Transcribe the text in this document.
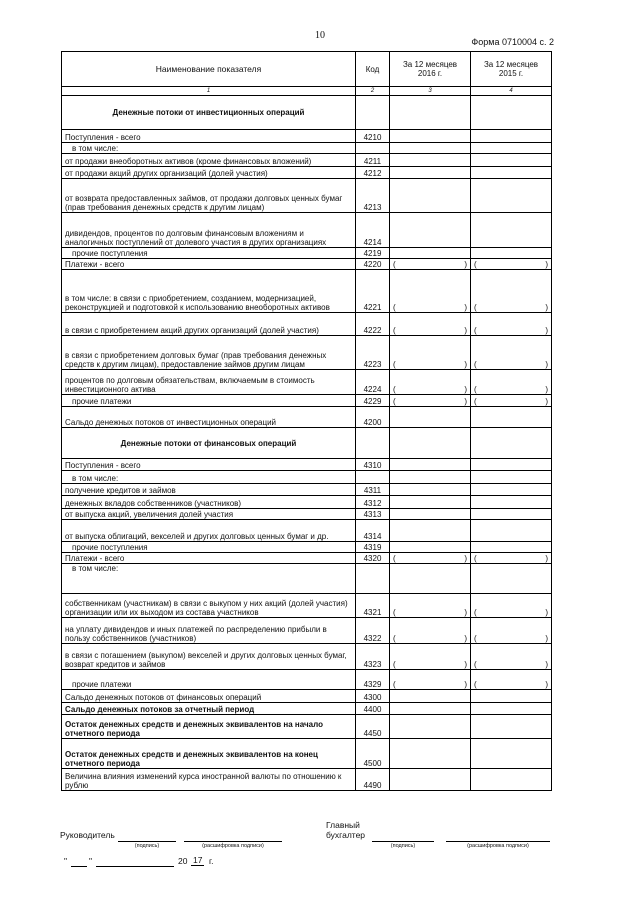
10
Форма 0710004 с. 2
Наименование показателя	Код	За 12 месяцев 2016 г.	За 12 месяцев 2015 г.
1	2	3	4
Денежные потоки от инвестиционных операций			
Поступления - всего	4210		
в том числе:			
от продажи внеоборотных активов (кроме финансовых вложений)	4211		
от продажи акций других организаций (долей участия)	4212		
от возврата предоставленных займов, от продажи долговых ценных бумаг (прав требования денежных средств к другим лицам)	4213		
дивидендов, процентов по долговым финансовым вложениям и аналогичных поступлений от долевого участия в других организациях	4214		
прочие поступления	4219		
Платежи - всего	4220	( )	( )

в том числе: в связи с приобретением, созданием, модернизацией, реконструкцией и подготовкой к использованию внеоборотных активов	4221	( )	( )

в связи с приобретением акций других организаций (долей участия)	4222	( )	( )

в связи с приобретением долговых бумаг (прав требования денежных средств к другим лицам), предоставление займов другим лицам	4223	( )	( )

процентов по долговым обязательствам, включаемым в стоимость инвестиционного актива	4224	( )	( )

прочие платежи	4229	( )	( )

Сальдо денежных потоков от инвестиционных операций	4200		
Денежные потоки от финансовых операций			
Поступления - всего	4310		
в том числе:			
получение кредитов и займов	4311		
денежных вкладов собственников (участников)	4312		
от выпуска акций, увеличения долей участия	4313		
от выпуска облигаций, векселей и других долговых ценных бумаг и др.	4314		
прочие поступления	4319		
Платежи - всего	4320	( )	( )

в том числе:			
собственникам (участникам) в связи с выкупом у них акций (долей участия) организации или их выходом из состава участников	4321	( )	( )

на уплату дивидендов и иных платежей по распределению прибыли в пользу собственников (участников)	4322	( )	( )

в связи с погашением (выкупом) векселей и других долговых ценных бумаг, возврат кредитов и займов	4323	( )	( )

прочие платежи	4329	( )	( )

Сальдо денежных потоков от финансовых операций	4300		
Сальдо денежных потоков за отчетный период	4400		
Остаток денежных средств и денежных эквивалентов на начало отчетного периода	4450		
Остаток денежных средств и денежных эквивалентов на конец отчетного периода	4500		
Величина влияния изменений курса иностранной валюты по отношению к рублю	4490		
Руководитель
(подпись)	(расшифровка подписи)
Главный
бухгалтер
(подпись)	(расшифровка подписи)
"	"	20 17 г.
